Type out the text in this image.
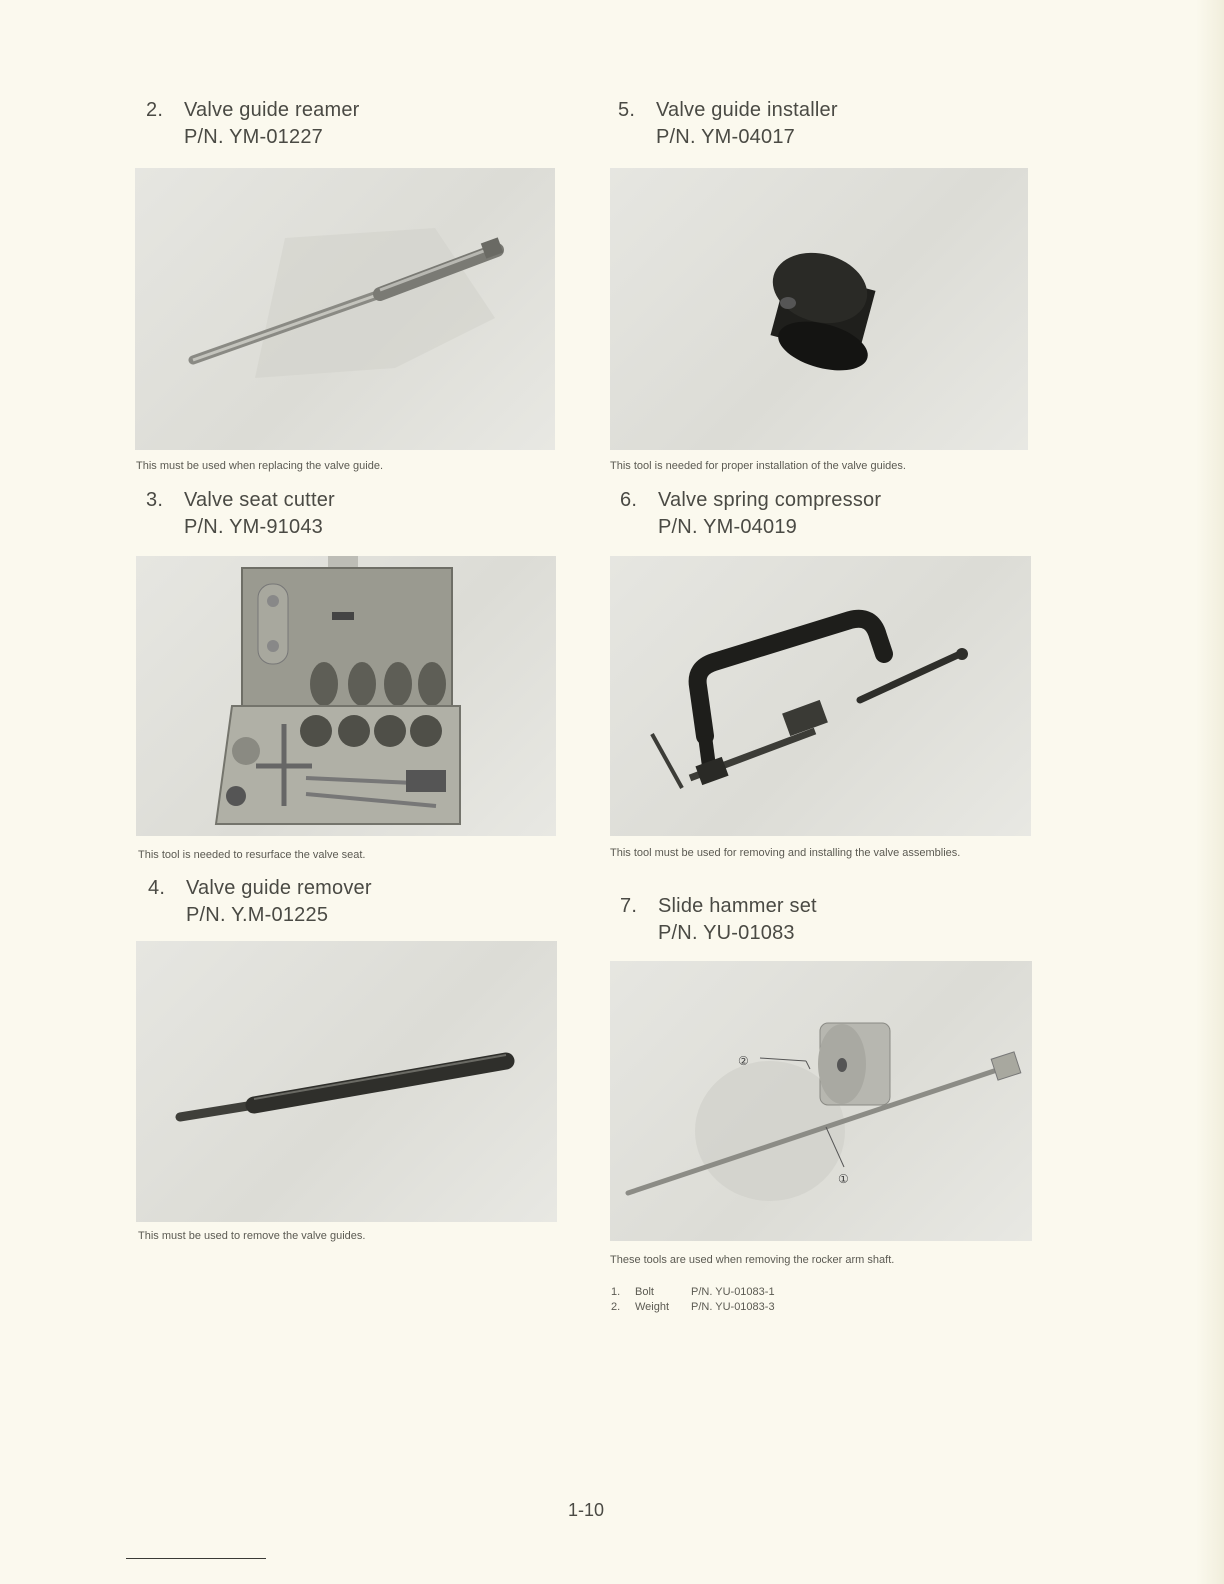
2. Valve guide reamer
P/N. YM-01227
This must be used when replacing the valve guide.
3. Valve seat cutter
P/N. YM-91043
This tool is needed to resurface the valve seat.
4. Valve guide remover
P/N. Y.M-01225
This must be used to remove the valve guides.
5. Valve guide installer
P/N. YM-04017
This tool is needed for proper installation of the valve guides.
6. Valve spring compressor
P/N. YM-04019
This tool must be used for removing and installing the valve assemblies.
7. Slide hammer set
P/N. YU-01083
②
①
These tools are used when removing the rocker arm shaft.
1. Bolt	P/N. YU-01083-1
2. Weight P/N. YU-01083-3
1-10
